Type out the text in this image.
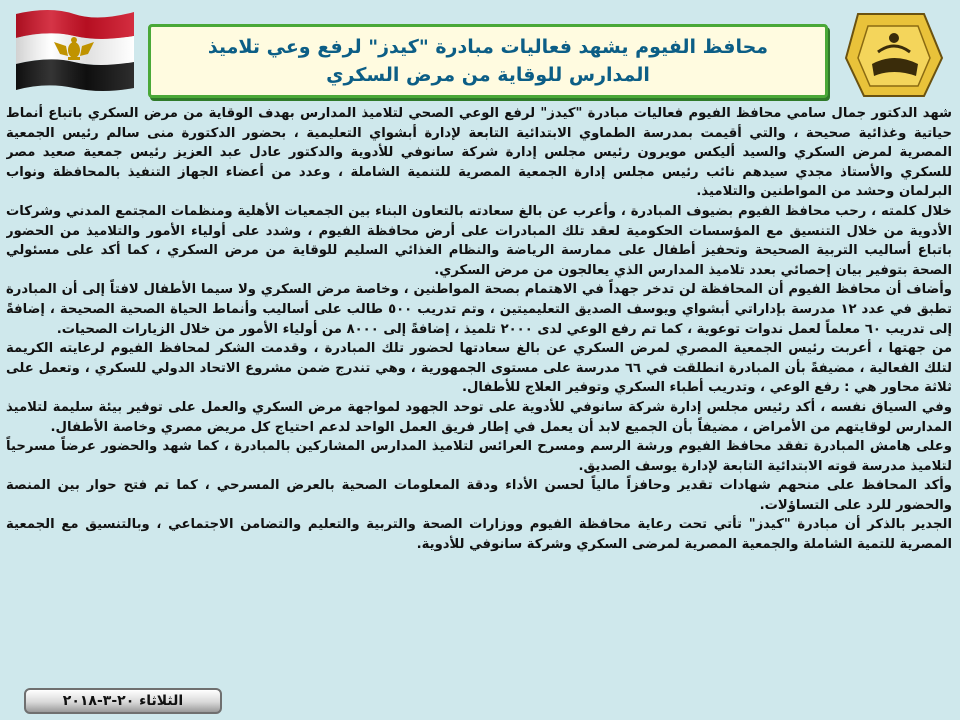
محافظ الفيوم يشهد فعاليات مبادرة "كيدز" لرفع وعي تلاميذ المدارس للوقاية من مرض السكري

شهد الدكتور جمال سامي محافظ الفيوم فعاليات مبادرة "كيدز" لرفع الوعي الصحي لتلاميذ المدارس بهدف الوقاية من مرض السكري باتباع أنماط حياتية وغذائية صحيحة ، والتي أقيمت بمدرسة الطماوي الابتدائية التابعة لإدارة أبشواي التعليمية ، بحضور الدكتورة منى سالم رئيس الجمعية المصرية لمرض السكري والسيد أليكس مويرون رئيس مجلس إدارة شركة سانوفي للأدوية والدكتور عادل عبد العزيز رئيس جمعية صعيد مصر للسكري والأستاذ مجدي سيدهم نائب رئيس مجلس إدارة الجمعية المصرية للتنمية الشاملة ، وعدد من أعضاء الجهاز التنفيذ بالمحافظة ونواب البرلمان وحشد من المواطنين والتلاميذ.

خلال كلمته ، رحب محافظ الفيوم بضيوف المبادرة ، وأعرب عن بالغ سعادته بالتعاون البناء بين الجمعيات الأهلية ومنظمات المجتمع المدني وشركات الأدوية من خلال التنسيق مع المؤسسات الحكومية لعقد تلك المبادرات على أرض محافظة الفيوم ، وشدد على أولياء الأمور والتلاميذ من الحضور باتباع أساليب التربية الصحيحة وتحفيز أطفال على ممارسة الرياضة والنظام الغذائي السليم للوقاية من مرض السكري ، كما أكد على مسئولي الصحة بتوفير بيان إحصائي بعدد تلاميذ المدارس الذي يعالجون من مرض السكري.

وأضاف أن محافظ الفيوم أن المحافظة لن تدخر جهداً في الاهتمام بصحة المواطنين ، وخاصة مرض السكري ولا سيما الأطفال لافتاً إلى أن المبادرة تطبق في عدد ١٢ مدرسة بإداراتي أبشواي ويوسف الصديق التعليميتين ، وتم تدريب ٥٠٠ طالب على أساليب وأنماط الحياة الصحية الصحيحة ، إضافةً إلى تدريب ٦٠ معلماً لعمل ندوات توعوية ، كما تم رفع الوعي لدى ٢٠٠٠ تلميذ ، إضافةً إلى ٨٠٠٠ من أولياء الأمور من خلال الزيارات الصحيات.

من جهتها ، أعربت رئيس الجمعية المصري لمرض السكري عن بالغ سعادتها لحضور تلك المبادرة ، وقدمت الشكر لمحافظ الفيوم لرعايته الكريمة لتلك الفعالية ، مضيفةً بأن المبادرة انطلقت في ٦٦ مدرسة على مستوى الجمهورية ، وهي تندرج ضمن مشروع الاتحاد الدولي للسكري ، وتعمل على ثلاثة محاور هي : رفع الوعي ، وتدريب أطباء السكري وتوفير العلاج للأطفال.

وفي السياق نفسه ، أكد رئيس مجلس إدارة شركة سانوفي للأدوية على توحد الجهود لمواجهة مرض السكري والعمل على توفير بيئة سليمة لتلاميذ المدارس لوقايتهم من الأمراض ، مضيفاً بأن الجميع لابد أن يعمل في إطار فريق العمل الواحد لدعم احتياج كل مريض مصري وخاصة الأطفال.

وعلى هامش المبادرة تفقد محافظ الفيوم ورشة الرسم ومسرح العرائس لتلاميذ المدارس المشاركين بالمبادرة ، كما شهد والحضور عرضاً مسرحياً لتلاميذ مدرسة قوته الابتدائية التابعة لإدارة يوسف الصديق.

وأكد المحافظ على منحهم شهادات تقدير وحافزاً مالياً لحسن الأداء ودقة المعلومات الصحية بالعرض المسرحي ، كما تم فتح حوار بين المنصة والحضور للرد على التساؤلات.

الجدير بالذكر أن مبادرة "كيدز" تأتي تحت رعاية محافظة الفيوم ووزارات الصحة والتربية والتعليم والتضامن الاجتماعي ، وبالتنسيق مع الجمعية المصرية للتمية الشاملة والجمعية المصرية لمرضى السكري وشركة سانوفي للأدوية.

الثلاثاء ٢٠-٣-٢٠١٨
